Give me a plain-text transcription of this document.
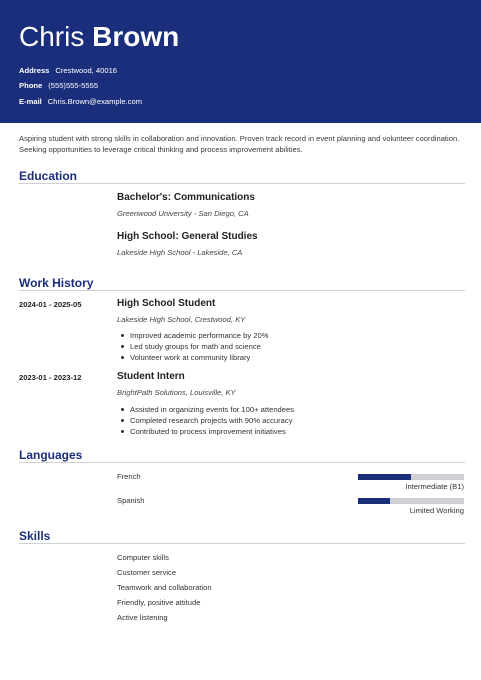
Chris Brown
Address Crestwood, 40016
Phone (555)555-5555
E-mail Chris.Brown@example.com

Aspiring student with strong skills in collaboration and innovation. Proven track record in event planning and volunteer coordination. Seeking opportunities to leverage critical thinking and process improvement abilities.

Education
Bachelor's: Communications
Greenwood University - San Diego, CA
High School: General Studies
Lakeside High School - Lakeside, CA
Work History
2024-01 - 2025-05	High School Student
Lakeside High School, Crestwood, KY
Improved academic performance by 20%
Led study groups for math and science
Volunteer work at community library
2023-01 - 2023-12	Student Intern
BrightPath Solutions, Louisville, KY
Assisted in organizing events for 100+ attendees
Completed research projects with 90% accuracy
Contributed to process improvement initiatives
Languages
French
Intermediate (B1)
Spanish
Limited Working
Skills
Computer skills
Customer service
Teamwork and collaboration
Friendly, positive attitude
Active listening
